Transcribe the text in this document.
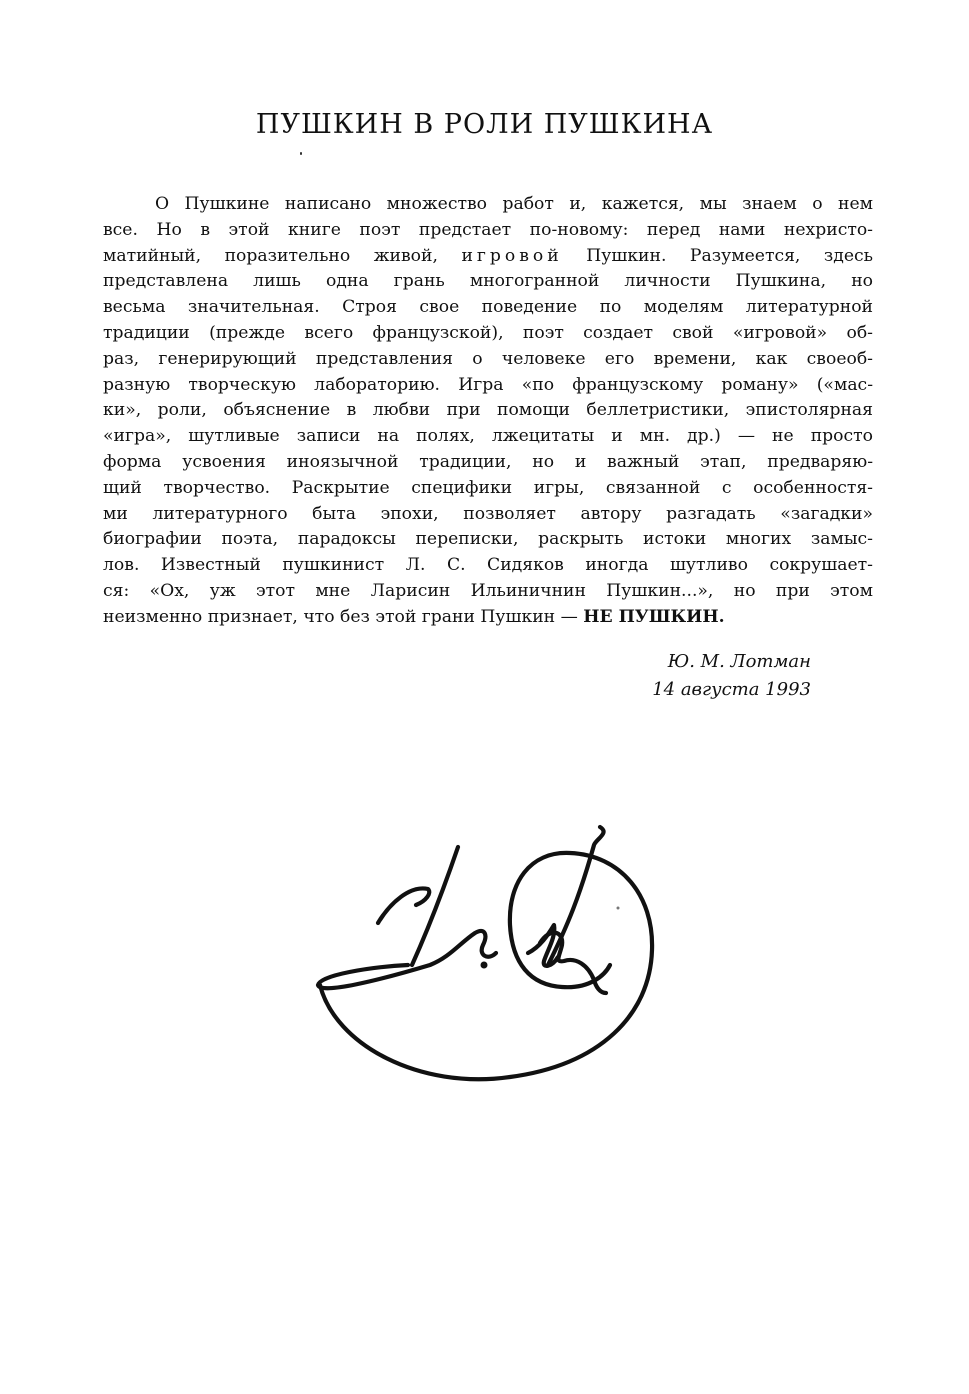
ПУШКИН В РОЛИ ПУШКИНА
О Пушкине написано множество работ и, кажется, мы знаем о нем
все. Но в этой книге поэт предстает по-новому: перед нами нехристо-
матийный, поразительно живой, игровой Пушкин. Разумеется, здесь
представлена лишь одна грань многогранной личности Пушкина, но
весьма значительная. Строя свое поведение по моделям литературной
традиции (прежде всего французской), поэт создает свой «игровой» об-
раз, генерирующий представления о человеке его времени, как своеоб-
разную творческую лабораторию. Игра «по французскому роману» («мас-
ки», роли, объяснение в любви при помощи беллетристики, эпистолярная
«игра», шутливые записи на полях, лжецитаты и мн. др.) — не просто
форма усвоения иноязычной традиции, но и важный этап, предваряю-
щий творчество. Раскрытие специфики игры, связанной с особенностя-
ми литературного быта эпохи, позволяет автору разгадать «загадки»
биографии поэта, парадоксы переписки, раскрыть истоки многих замыс-
лов. Известный пушкинист Л. С. Сидяков иногда шутливо сокрушает-
ся: «Ох, уж этот мне Ларисин Ильиничнин Пушкин...», но при этом
неизменно признает, что без этой грани Пушкин — НЕ ПУШКИН.
Ю. М. Лотман
14 августа 1993
